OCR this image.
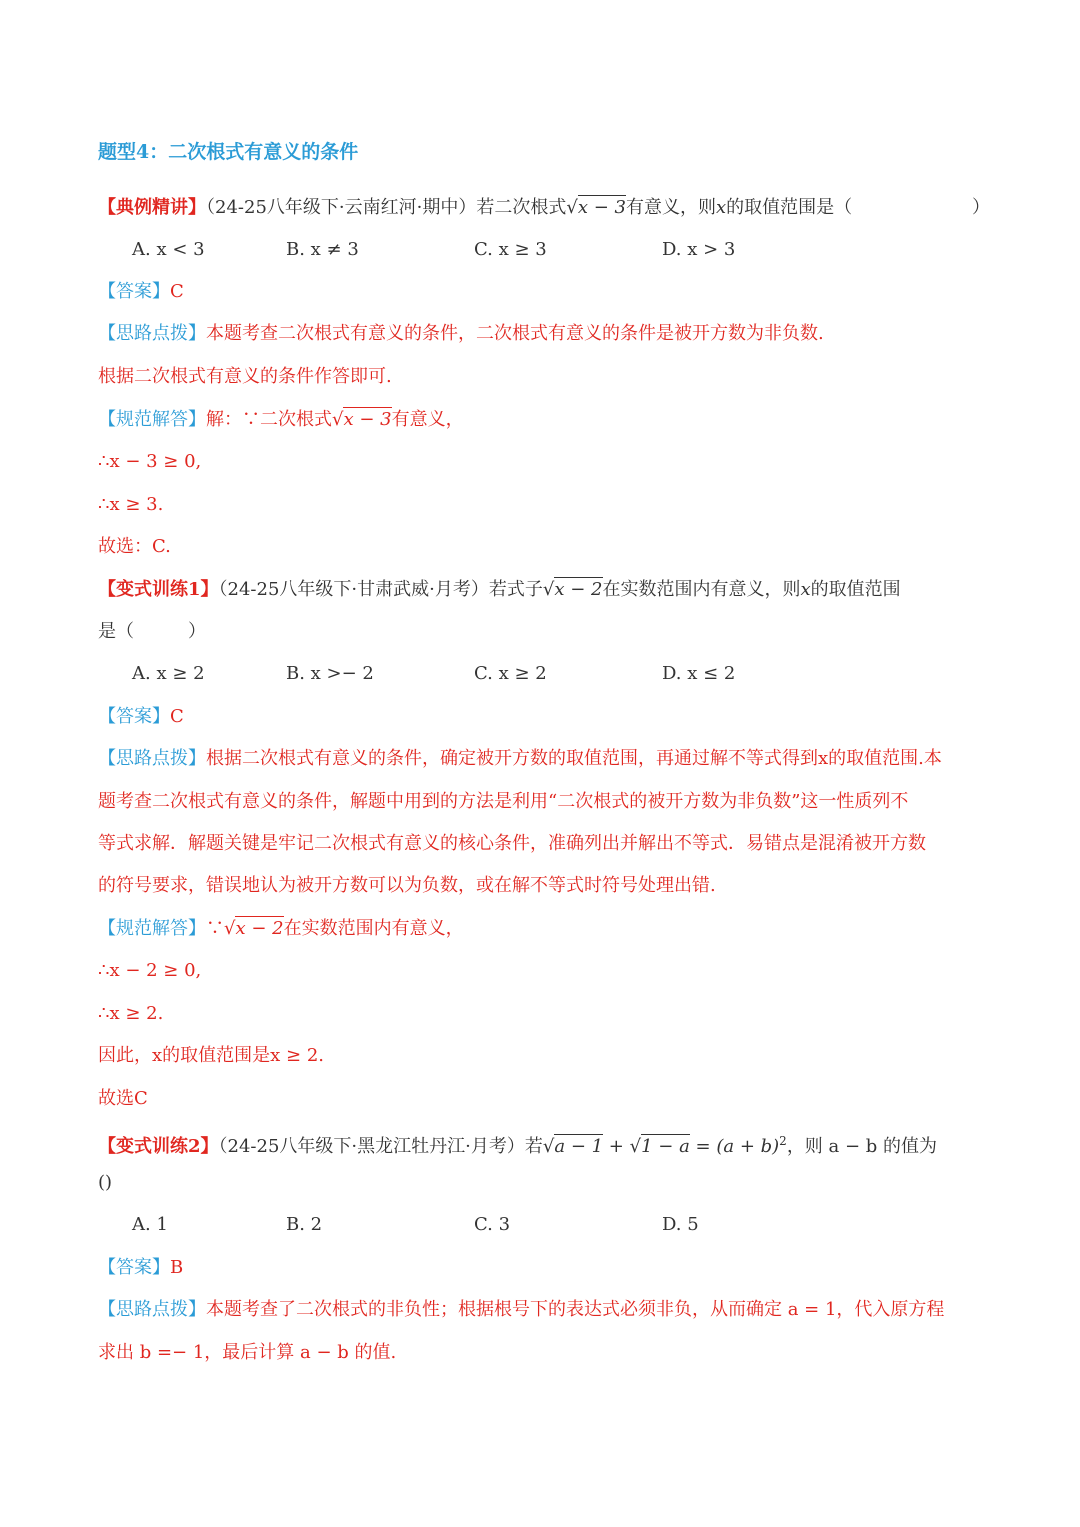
题型4：二次根式有意义的条件
【典例精讲】（24-25八年级下·云南红河·期中）若二次根式√x − 3有意义，则x的取值范围是（	）
A. x < 3	B. x ≠ 3	C. x ≥ 3	D. x > 3
【答案】C
【思路点拨】本题考查二次根式有意义的条件，二次根式有意义的条件是被开方数为非负数.
根据二次根式有意义的条件作答即可.
【规范解答】解：∵二次根式√x − 3有意义，
∴x − 3 ≥ 0,
∴x ≥ 3.
故选：C.
【变式训练1】（24-25八年级下·甘肃武威·月考）若式子√x − 2在实数范围内有意义，则x的取值范围
是（　　　）
A. x ≥ 2	B. x >− 2	C. x ≥ 2	D. x ≤ 2
【答案】C
【思路点拨】根据二次根式有意义的条件，确定被开方数的取值范围，再通过解不等式得到x的取值范围.本
题考查二次根式有意义的条件，解题中用到的方法是利用“二次根式的被开方数为非负数”这一性质列不
等式求解．解题关键是牢记二次根式有意义的核心条件，准确列出并解出不等式．易错点是混淆被开方数
的符号要求，错误地认为被开方数可以为负数，或在解不等式时符号处理出错.
【规范解答】∵√x − 2在实数范围内有意义，
∴x − 2 ≥ 0,
∴x ≥ 2.
因此，x的取值范围是x ≥ 2.
故选C
【变式训练2】（24-25八年级下·黑龙江牡丹江·月考）若$√a - 1 + √1 - a = (a + b)^2$，则 a − b 的值为
()
A. 1	B. 2	C. 3	D. 5
【答案】B
【思路点拨】本题考查了二次根式的非负性；根据根号下的表达式必须非负，从而确定 a = 1，代入原方程
求出 b =− 1，最后计算 a − b 的值.
